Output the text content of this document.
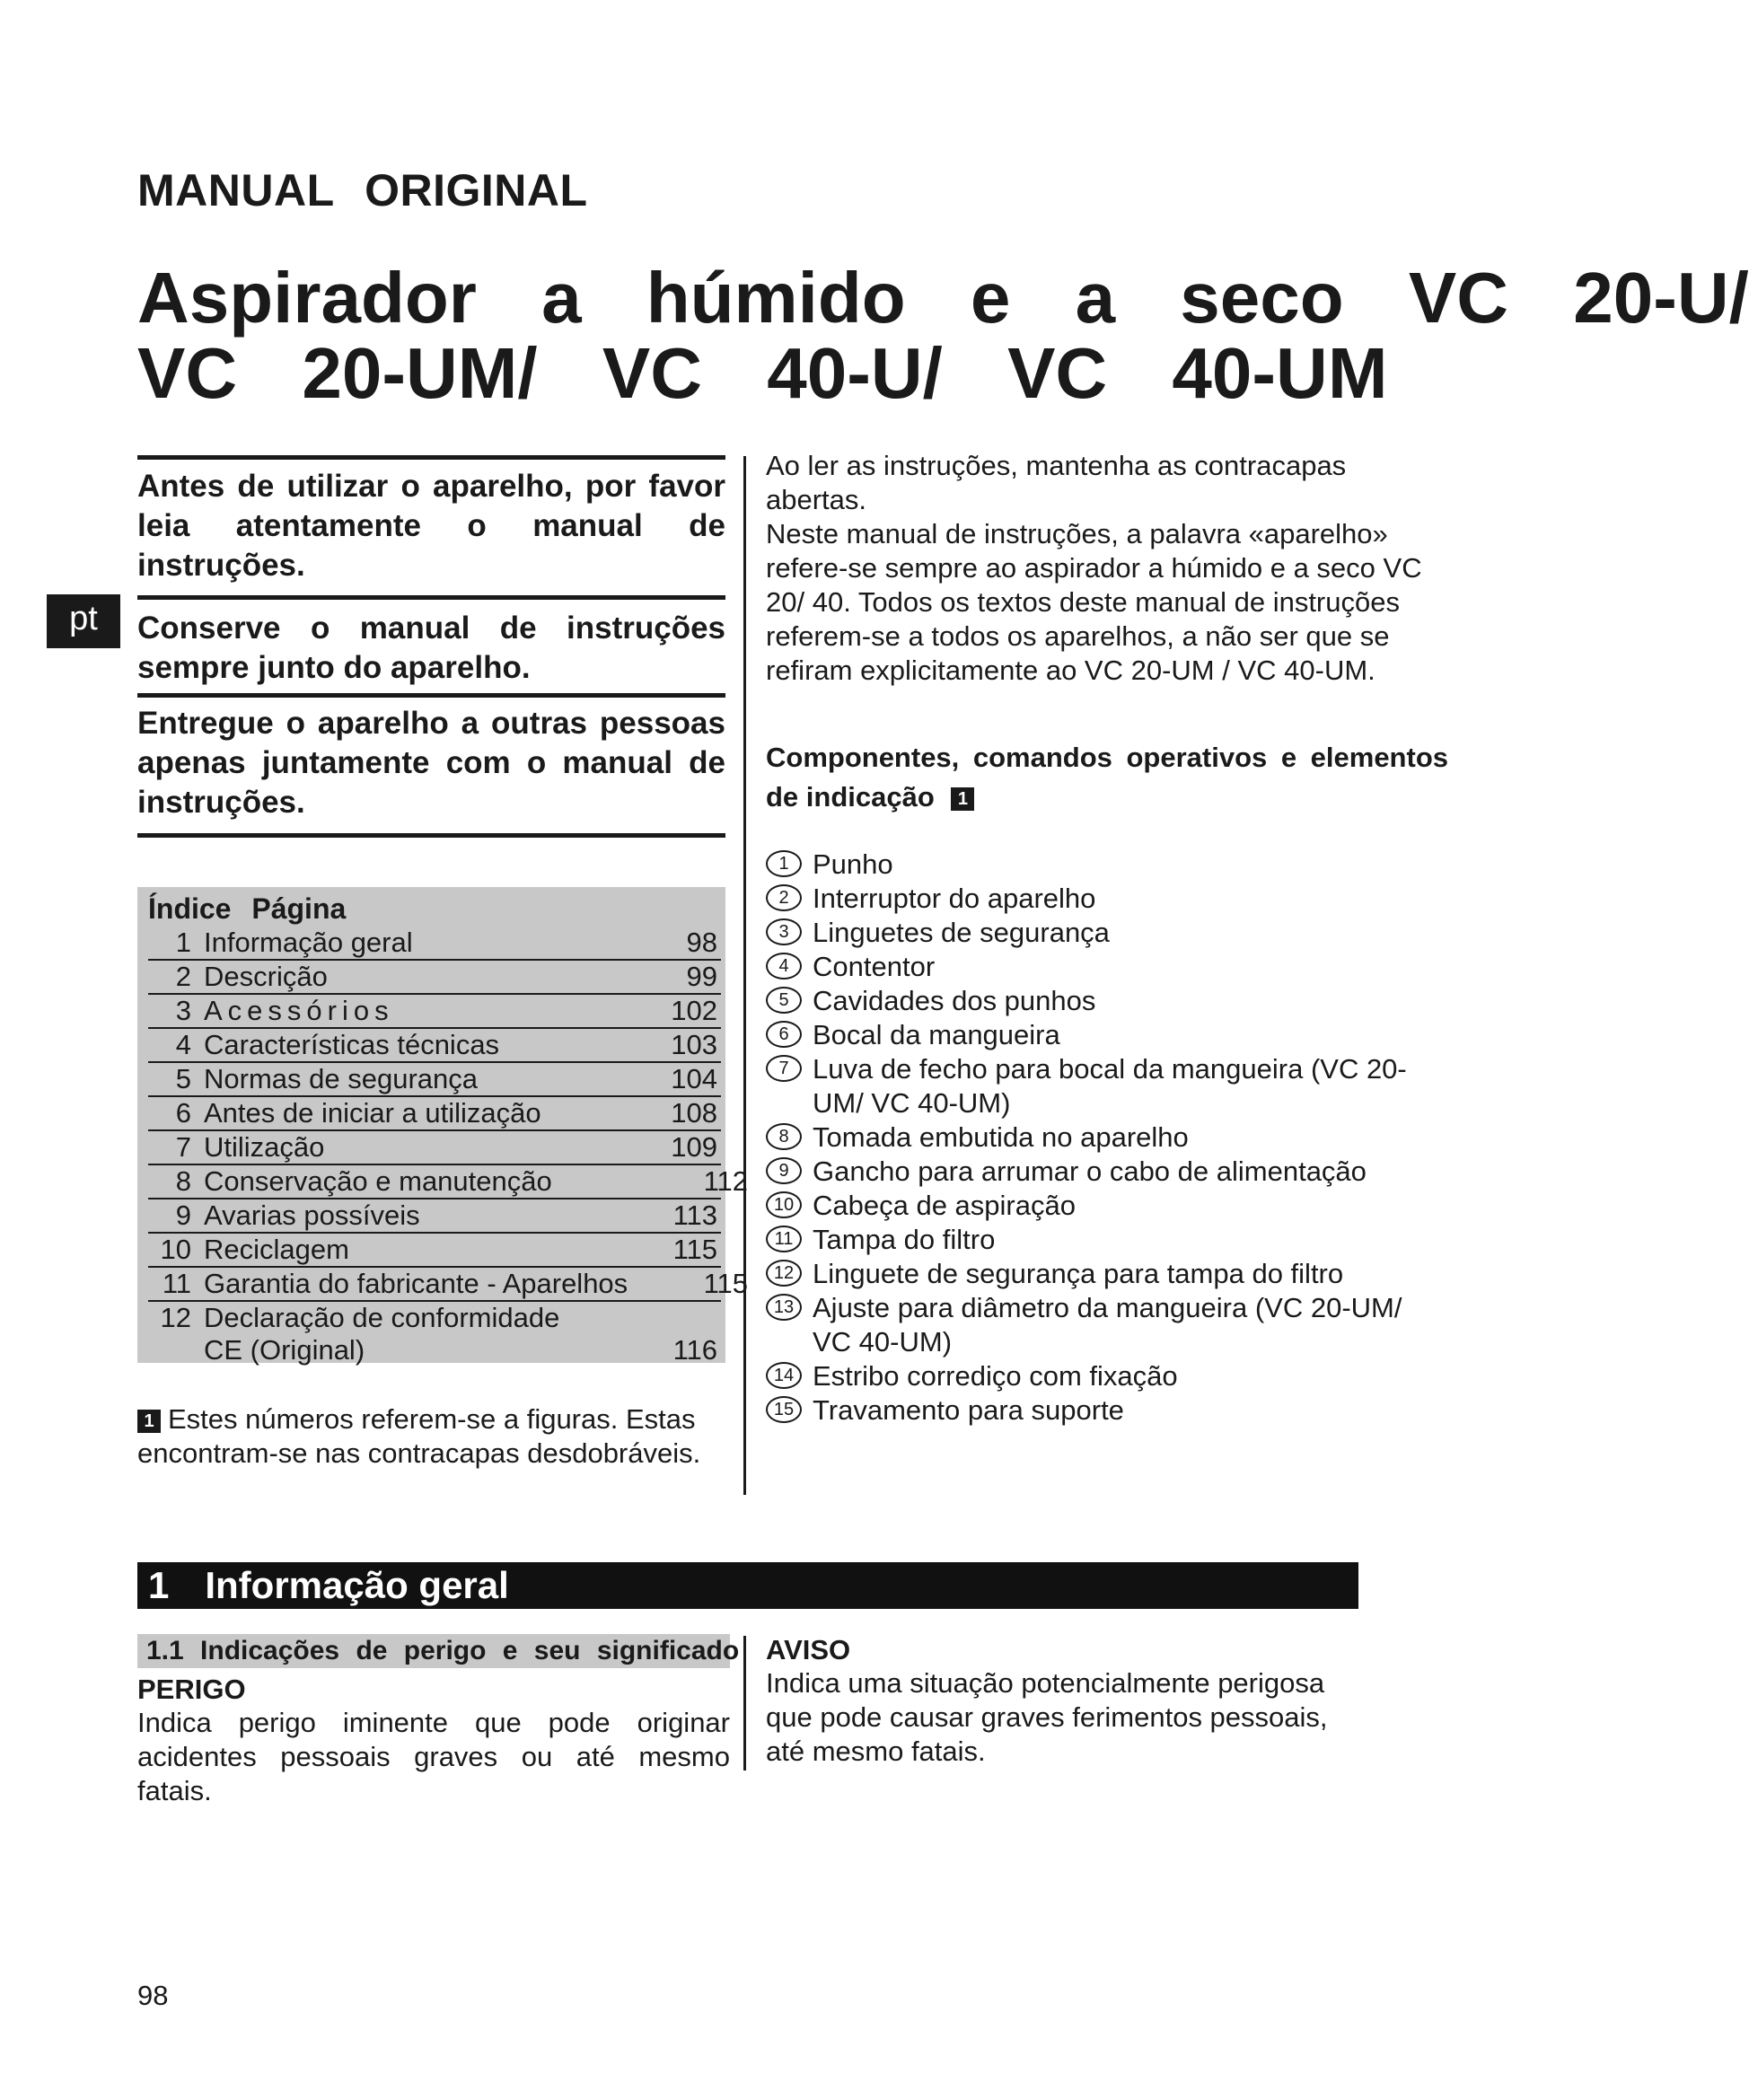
MANUAL ORIGINAL
Aspirador a húmido e a seco VC 20-U/
VC 20-UM/ VC 40-U/ VC 40-UM
pt
Antes de utilizar o aparelho, por favor leia atentamente o manual de instruções.
Conserve o manual de instruções sempre junto do aparelho.
Entregue o aparelho a outras pessoas apenas juntamente com o manual de instruções.
Índice Página
1 Informação geral	98
2 Descrição	99
3 Acessórios	102
4 Características técnicas	103
5 Normas de segurança	104
6 Antes de iniciar a utilização	108
7 Utilização	109
8 Conservação e manutenção	112
9 Avarias possíveis	113
10 Reciclagem	115
11 Garantia do fabricante - Aparelhos	115
12 Declaração de conformidade CE (Original)	116
1 Estes números referem-se a figuras. Estas encontram-se nas contracapas desdobráveis.

Ao ler as instruções, mantenha as contracapas abertas.

Neste manual de instruções, a palavra «aparelho» refere-se sempre ao aspirador a húmido e a seco VC 20/ 40. Todos os textos deste manual de instruções referem-se a todos os aparelhos, a não ser que se refiram explicitamente ao VC 20-UM / VC 40-UM.

Componentes, comandos operativos e elementos de indicação 1
1 Punho
2 Interruptor do aparelho
3 Linguetes de segurança
4 Contentor
5 Cavidades dos punhos
6 Bocal da mangueira
7 Luva de fecho para bocal da mangueira (VC 20-UM/ VC 40-UM)
8 Tomada embutida no aparelho
9 Gancho para arrumar o cabo de alimentação
10 Cabeça de aspiração
11 Tampa do filtro
12 Linguete de segurança para tampa do filtro
13 Ajuste para diâmetro da mangueira (VC 20-UM/ VC 40-UM)
14 Estribo corrediço com fixação
15 Travamento para suporte
1 Informação geral
1.1 Indicações de perigo e seu significado
PERIGO
Indica perigo iminente que pode originar acidentes pessoais graves ou até mesmo fatais.
AVISO
Indica uma situação potencialmente perigosa que pode causar graves ferimentos pessoais, até mesmo fatais.
98
